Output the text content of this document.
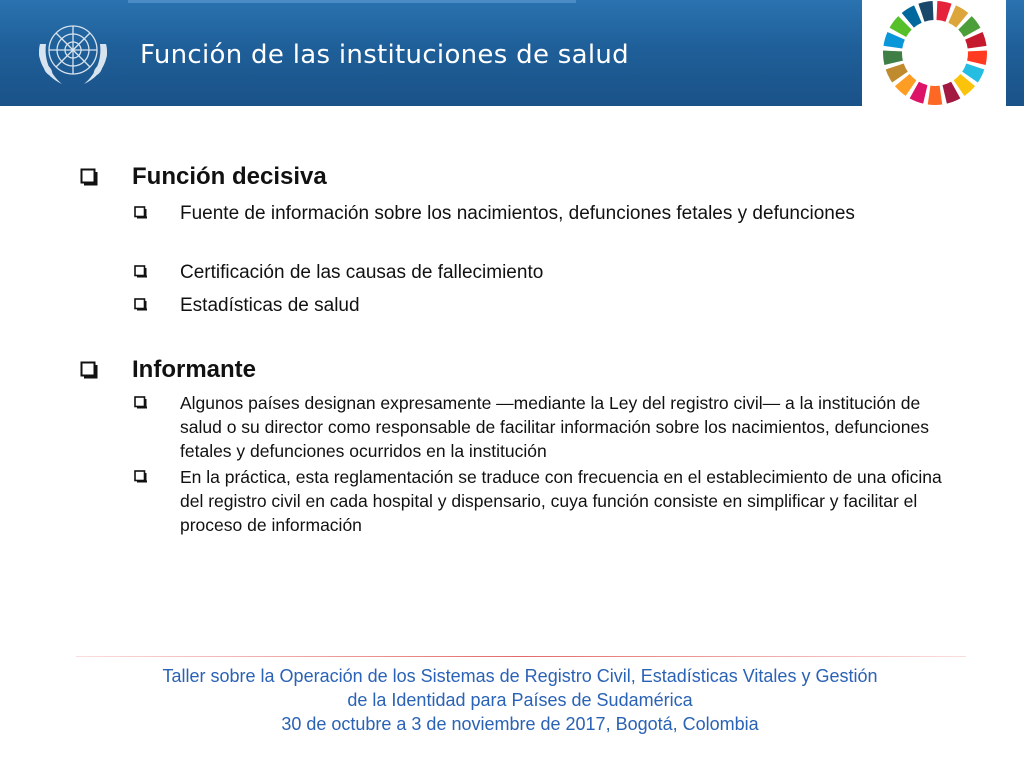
Función de las instituciones de salud
Función decisiva
Fuente de información sobre los nacimientos, defunciones fetales y defunciones
Certificación de las causas de fallecimiento
Estadísticas de salud
Informante
Algunos países designan expresamente —mediante la Ley del registro civil— a la institución de salud o su director como responsable de facilitar información sobre los nacimientos, defunciones fetales y defunciones ocurridos en la institución
En la práctica, esta reglamentación se traduce con frecuencia en el establecimiento de una oficina del registro civil en cada hospital y dispensario, cuya función consiste en simplificar y facilitar el proceso de información
Taller sobre la Operación de los Sistemas de Registro Civil, Estadísticas Vitales y Gestión
de la Identidad para Países de Sudamérica
30 de octubre a 3 de noviembre de 2017, Bogotá, Colombia
